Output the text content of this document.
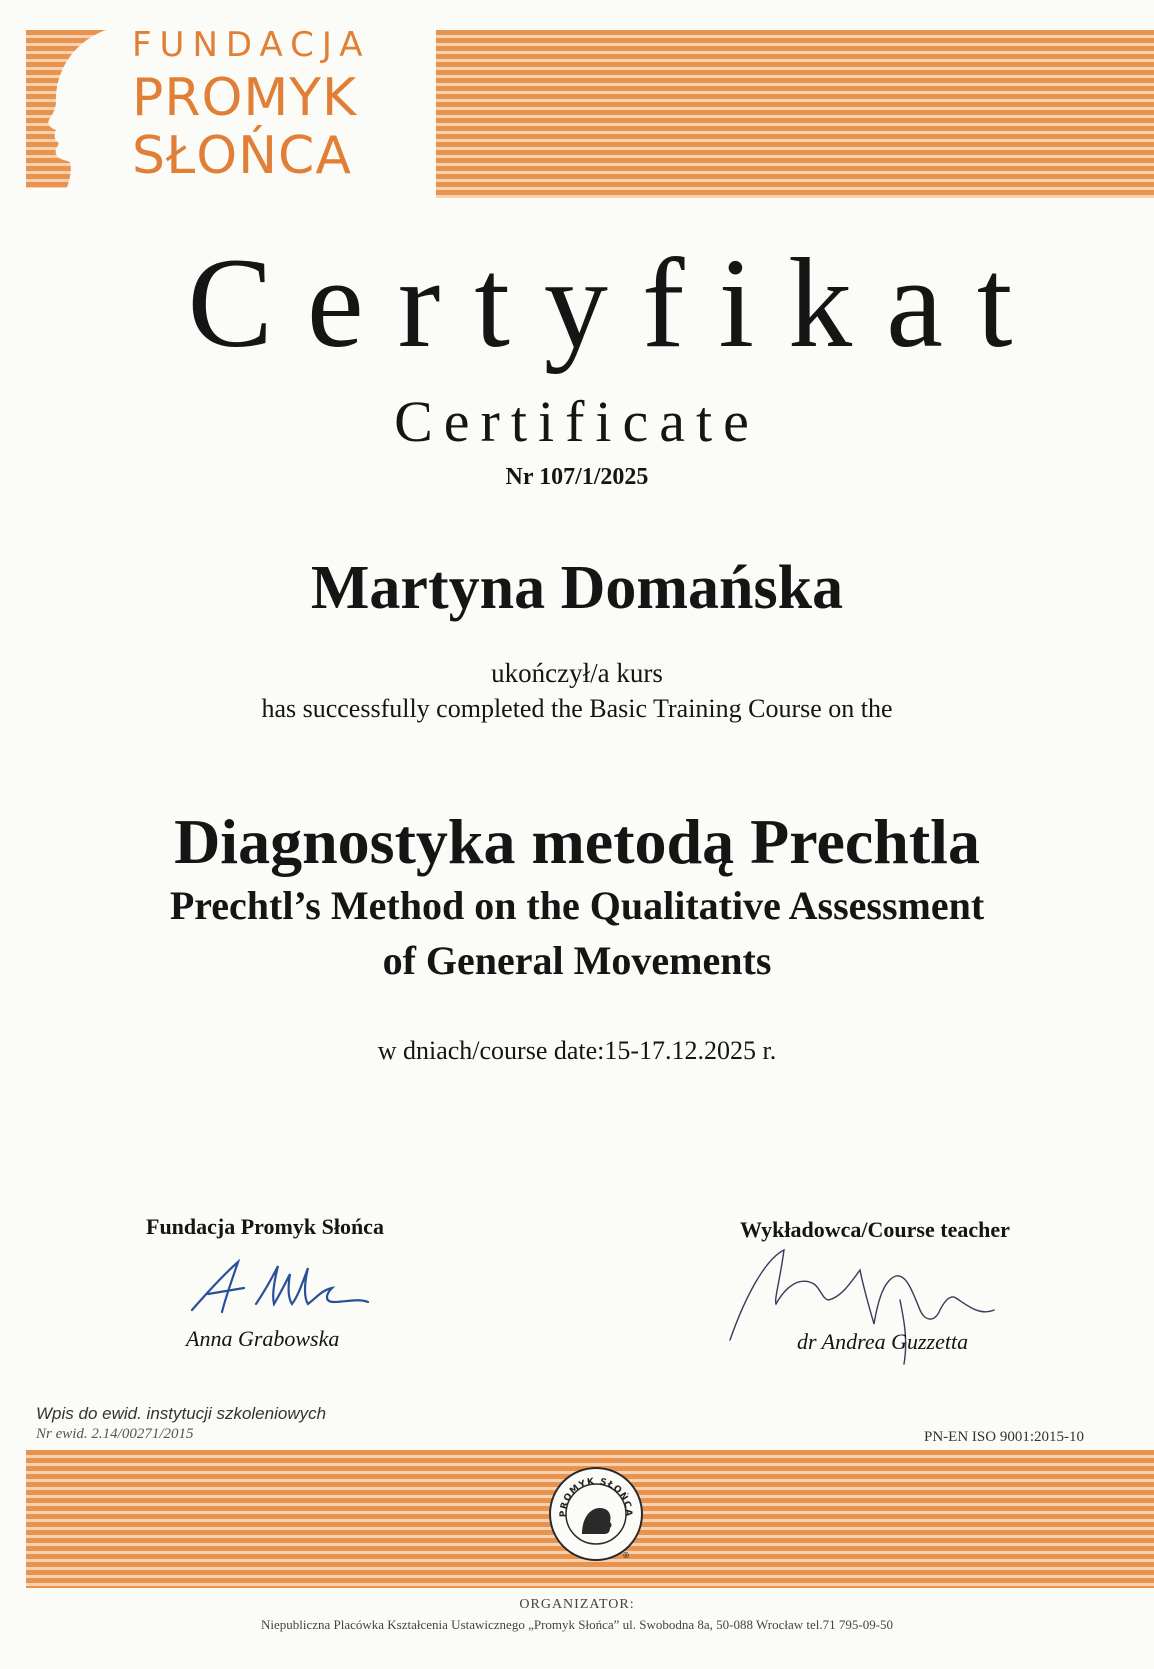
FUNDACJA
PROMYK
SŁOŃCA
Certyfikat
Certificate
Nr 107/1/2025
Martyna Domańska
ukończył/a kurs
has successfully completed the Basic Training Course on the
Diagnostyka metodą Prechtla
Prechtl’s Method on the Qualitative Assessment
of General Movements
w dniach/course date:15-17.12.2025 r.
Fundacja Promyk Słońca
Anna Grabowska
Wykładowca/Course teacher
dr Andrea Guzzetta
Wpis do ewid. instytucji szkoleniowych
Nr ewid. 2.14/00271/2015	PN-EN ISO 9001:2015-10
PROMYK SŁOŃCA
®
ORGANIZATOR:
Niepubliczna Placówka Kształcenia Ustawicznego „Promyk Słońca” ul. Swobodna 8a, 50-088 Wrocław tel.71 795-09-50
